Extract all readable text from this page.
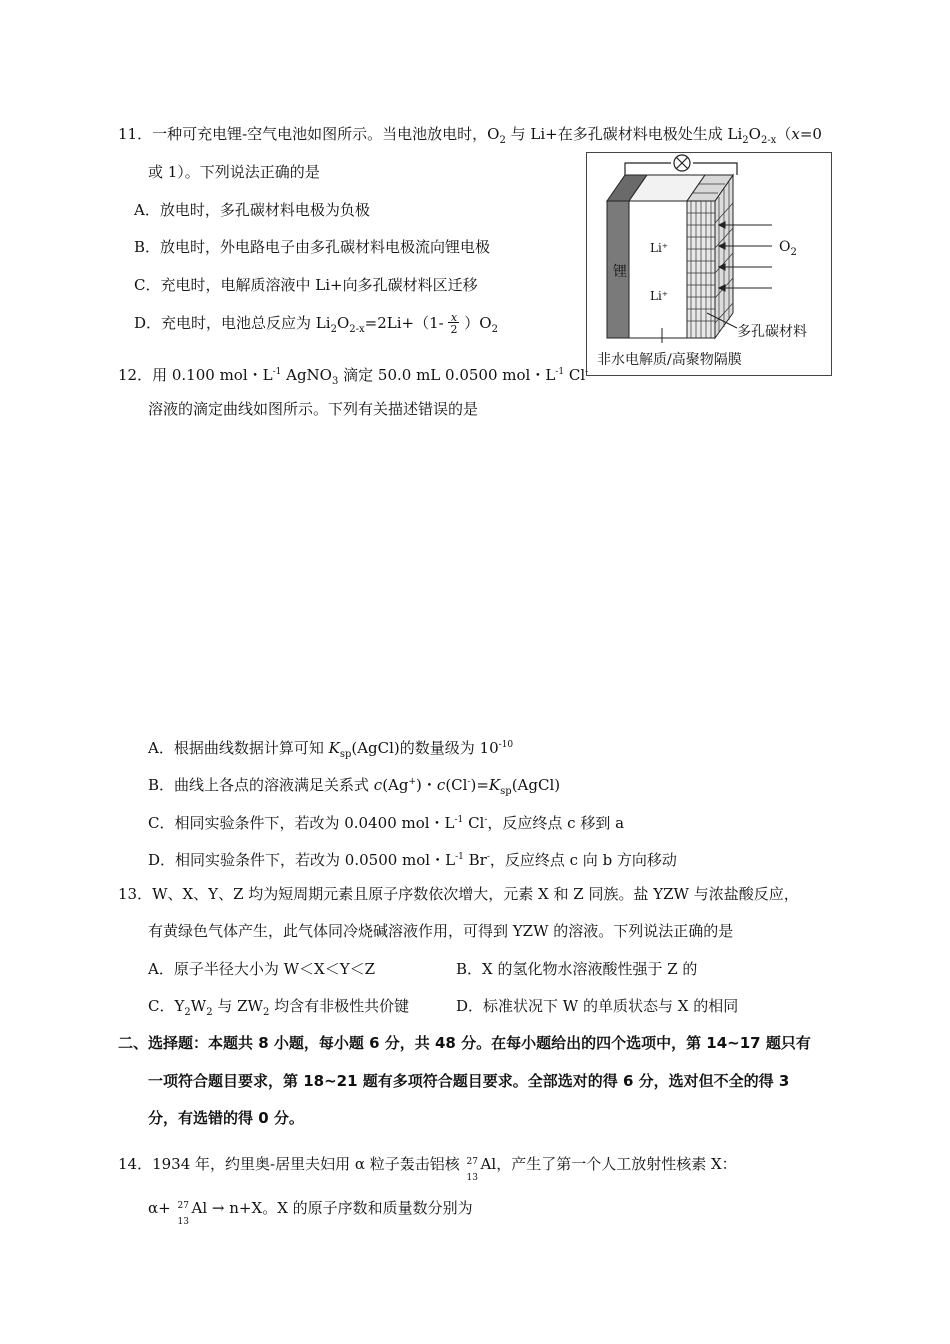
11．一种可充电锂-空气电池如图所示。当电池放电时，$O_2$ 与 Li+在多孔碳材料电极处生成 $Li_2O_{2-x}(x=0$
或 1）。下列说法正确的是
A．放电时，多孔碳材料电极为负极
B．放电时，外电路电子由多孔碳材料电极流向锂电极
C．充电时，电解质溶液中 Li+向多孔碳材料区迁移
D．充电时，电池总反应为 $Li_2O_{2-x}=2Li+(1- \frac{x}{2} )O_2$
锂
Li⁺
Li⁺
$O_2$
多孔碳材料
非水电解质/高聚物隔膜
12．用 0.100 mol・$L^{-1}$ AgNO$_3$ 滴定 50.0 mL 0.0500 mol・$L^{-1}$ Cl-
溶液的滴定曲线如图所示。下列有关描述错误的是
A．根据曲线数据计算可知 $K_{sp}(AgCl)$的数量级为 $10^{-10}$
B．曲线上各点的溶液满足关系式 c(Ag+)・$c(Cl^-)=K_{sp}(AgCl)$
C．相同实验条件下，若改为 0.0400 mol・$L^{-1}$ Cl-，反应终点 c 移到 a
D．相同实验条件下，若改为 0.0500 mol・$L^{-1}$ Br-，反应终点 c 向 b 方向移动
13．W、X、Y、Z 均为短周期元素且原子序数依次增大，元素 X 和 Z 同族。盐 YZW 与浓盐酸反应，
有黄绿色气体产生，此气体同冷烧碱溶液作用，可得到 YZW 的溶液。下列说法正确的是
A．原子半径大小为 W＜X＜Y＜Z	B．X 的氢化物水溶液酸性强于 Z 的
C．$Y_2W_2$ 与 $ZW_2$ 均含有非极性共价键	D．标准状况下 W 的单质状态与 X 的相同
二、选择题：本题共 8 小题，每小题 6 分，共 48 分。在每小题给出的四个选项中，第 14~17 题只有
一项符合题目要求，第 18~21 题有多项符合题目要求。全部选对的得 6 分，选对但不全的得 3
分，有选错的得 0 分。
14．1934 年，约里奥-居里夫妇用 α 粒子轰击铝核 27
13
Al，产生了第一个人工放射性核素 X：
α+ 27
13
Al → n+X。X 的原子序数和质量数分别为
